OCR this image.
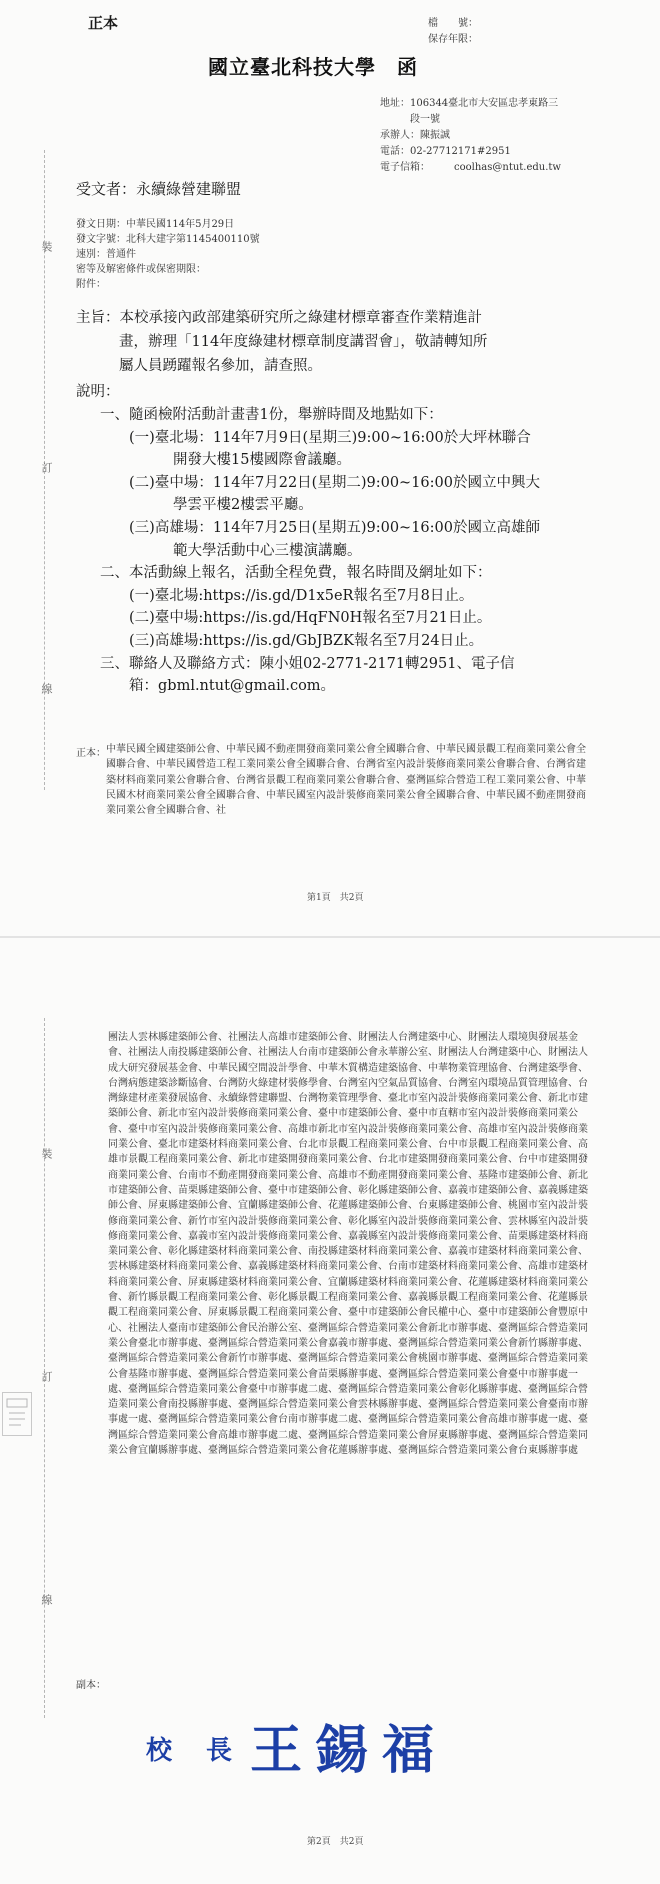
正本	檔　　號：
保存年限：
國立臺北科技大學　函
地址：106344臺北市大安區忠孝東路三
段一號
承辦人：陳振誠
電話：02-27712171#2951
電子信箱： coolhas@ntut.edu.tw
受文者：永續綠營建聯盟
發文日期：中華民國114年5月29日
發文字號：北科大建字第1145400110號
速別：普通件
密等及解密條件或保密期限：
附件：
主旨：本校承接內政部建築研究所之綠建材標章審查作業精進計
畫，辦理「114年度綠建材標章制度講習會」，敬請轉知所
屬人員踴躍報名參加，請查照。
說明：
一、隨函檢附活動計畫書1份，舉辦時間及地點如下：
(一)臺北場：114年7月9日(星期三)9:00~16:00於大坪林聯合
開發大樓15樓國際會議廳。
(二)臺中場：114年7月22日(星期二)9:00~16:00於國立中興大
學雲平樓2樓雲平廳。
(三)高雄場：114年7月25日(星期五)9:00~16:00於國立高雄師
範大學活動中心三樓演講廳。
二、本活動線上報名，活動全程免費，報名時間及網址如下：
(一)臺北場:https://is.gd/D1x5eR報名至7月8日止。
(二)臺中場:https://is.gd/HqFN0H報名至7月21日止。
(三)高雄場:https://is.gd/GbJBZK報名至7月24日止。
三、聯絡人及聯絡方式：陳小姐02-2771-2171轉2951、電子信
箱：gbml.ntut@gmail.com。
正本： 中華民國全國建築師公會、中華民國不動產開發商業同業公會全國聯合會、中華民國景觀工程商業同業公會全國聯合會、中華民國營造工程工業同業公會全國聯合會、台灣省室內設計裝修商業同業公會聯合會、台灣省建築材料商業同業公會聯合會、台灣省景觀工程商業同業公會聯合會、臺灣區綜合營造工程工業同業公會、中華民國木材商業同業公會全國聯合會、中華民國室內設計裝修商業同業公會全國聯合會、中華民國不動產開發商業同業公會全國聯合會、社
第1頁　共2頁
裝
訂
線
團法人雲林縣建築師公會、社團法人高雄市建築師公會、財團法人台灣建築中心、財團法人環境與發展基金會、社團法人南投縣建築師公會、社團法人台南市建築師公會永華辦公室、財團法人台灣建築中心、財團法人成大研究發展基金會、中華民國空間設計學會、中華木質構造建築協會、中華物業管理協會、台灣建築學會、台灣病態建築診斷協會、台灣防火綠建材裝修學會、台灣室內空氣品質協會、台灣室內環境品質管理協會、台灣綠建材產業發展協會、永續綠營建聯盟、台灣物業管理學會、臺北市室內設計裝修商業同業公會、新北市建築師公會、新北市室內設計裝修商業同業公會、臺中市建築師公會、臺中市直轄市室內設計裝修商業同業公會、臺中市室內設計裝修商業同業公會、高雄市新北市室內設計裝修商業同業公會、高雄市室內設計裝修商業同業公會、臺北市建築材料商業同業公會、台北市景觀工程商業同業公會、台中市景觀工程商業同業公會、高雄市景觀工程商業同業公會、新北市建築開發商業同業公會、台北市建築開發商業同業公會、台中市建築開發商業同業公會、台南市不動產開發商業同業公會、高雄市不動產開發商業同業公會、基隆市建築師公會、新北市建築師公會、苗栗縣建築師公會、臺中市建築師公會、彰化縣建築師公會、嘉義市建築師公會、嘉義縣建築師公會、屏東縣建築師公會、宜蘭縣建築師公會、花蓮縣建築師公會、台東縣建築師公會、桃園市室內設計裝修商業同業公會、新竹市室內設計裝修商業同業公會、彰化縣室內設計裝修商業同業公會、雲林縣室內設計裝修商業同業公會、嘉義市室內設計裝修商業同業公會、嘉義縣室內設計裝修商業同業公會、苗栗縣建築材料商業同業公會、彰化縣建築材料商業同業公會、南投縣建築材料商業同業公會、嘉義市建築材料商業同業公會、雲林縣建築材料商業同業公會、嘉義縣建築材料商業同業公會、台南市建築材料商業同業公會、高雄市建築材料商業同業公會、屏東縣建築材料商業同業公會、宜蘭縣建築材料商業同業公會、花蓮縣建築材料商業同業公會、新竹縣景觀工程商業同業公會、彰化縣景觀工程商業同業公會、嘉義縣景觀工程商業同業公會、花蓮縣景觀工程商業同業公會、屏東縣景觀工程商業同業公會、臺中市建築師公會民權中心、臺中市建築師公會豐原中心、社團法人臺南市建築師公會民治辦公室、臺灣區綜合營造業同業公會新北市辦事處、臺灣區綜合營造業同業公會臺北市辦事處、臺灣區綜合營造業同業公會嘉義市辦事處、臺灣區綜合營造業同業公會新竹縣辦事處、臺灣區綜合營造業同業公會新竹市辦事處、臺灣區綜合營造業同業公會桃園市辦事處、臺灣區綜合營造業同業公會基隆市辦事處、臺灣區綜合營造業同業公會苗栗縣辦事處、臺灣區綜合營造業同業公會臺中市辦事處一處、臺灣區綜合營造業同業公會臺中市辦事處二處、臺灣區綜合營造業同業公會彰化縣辦事處、臺灣區綜合營造業同業公會南投縣辦事處、臺灣區綜合營造業同業公會雲林縣辦事處、臺灣區綜合營造業同業公會臺南市辦事處一處、臺灣區綜合營造業同業公會台南市辦事處二處、臺灣區綜合營造業同業公會高雄市辦事處一處、臺灣區綜合營造業同業公會高雄市辦事處二處、臺灣區綜合營造業同業公會屏東縣辦事處、臺灣區綜合營造業同業公會宜蘭縣辦事處、臺灣區綜合營造業同業公會花蓮縣辦事處、臺灣區綜合營造業同業公會台東縣辦事處
副本：
校　長 王錫福
第2頁　共2頁
裝
訂
線
